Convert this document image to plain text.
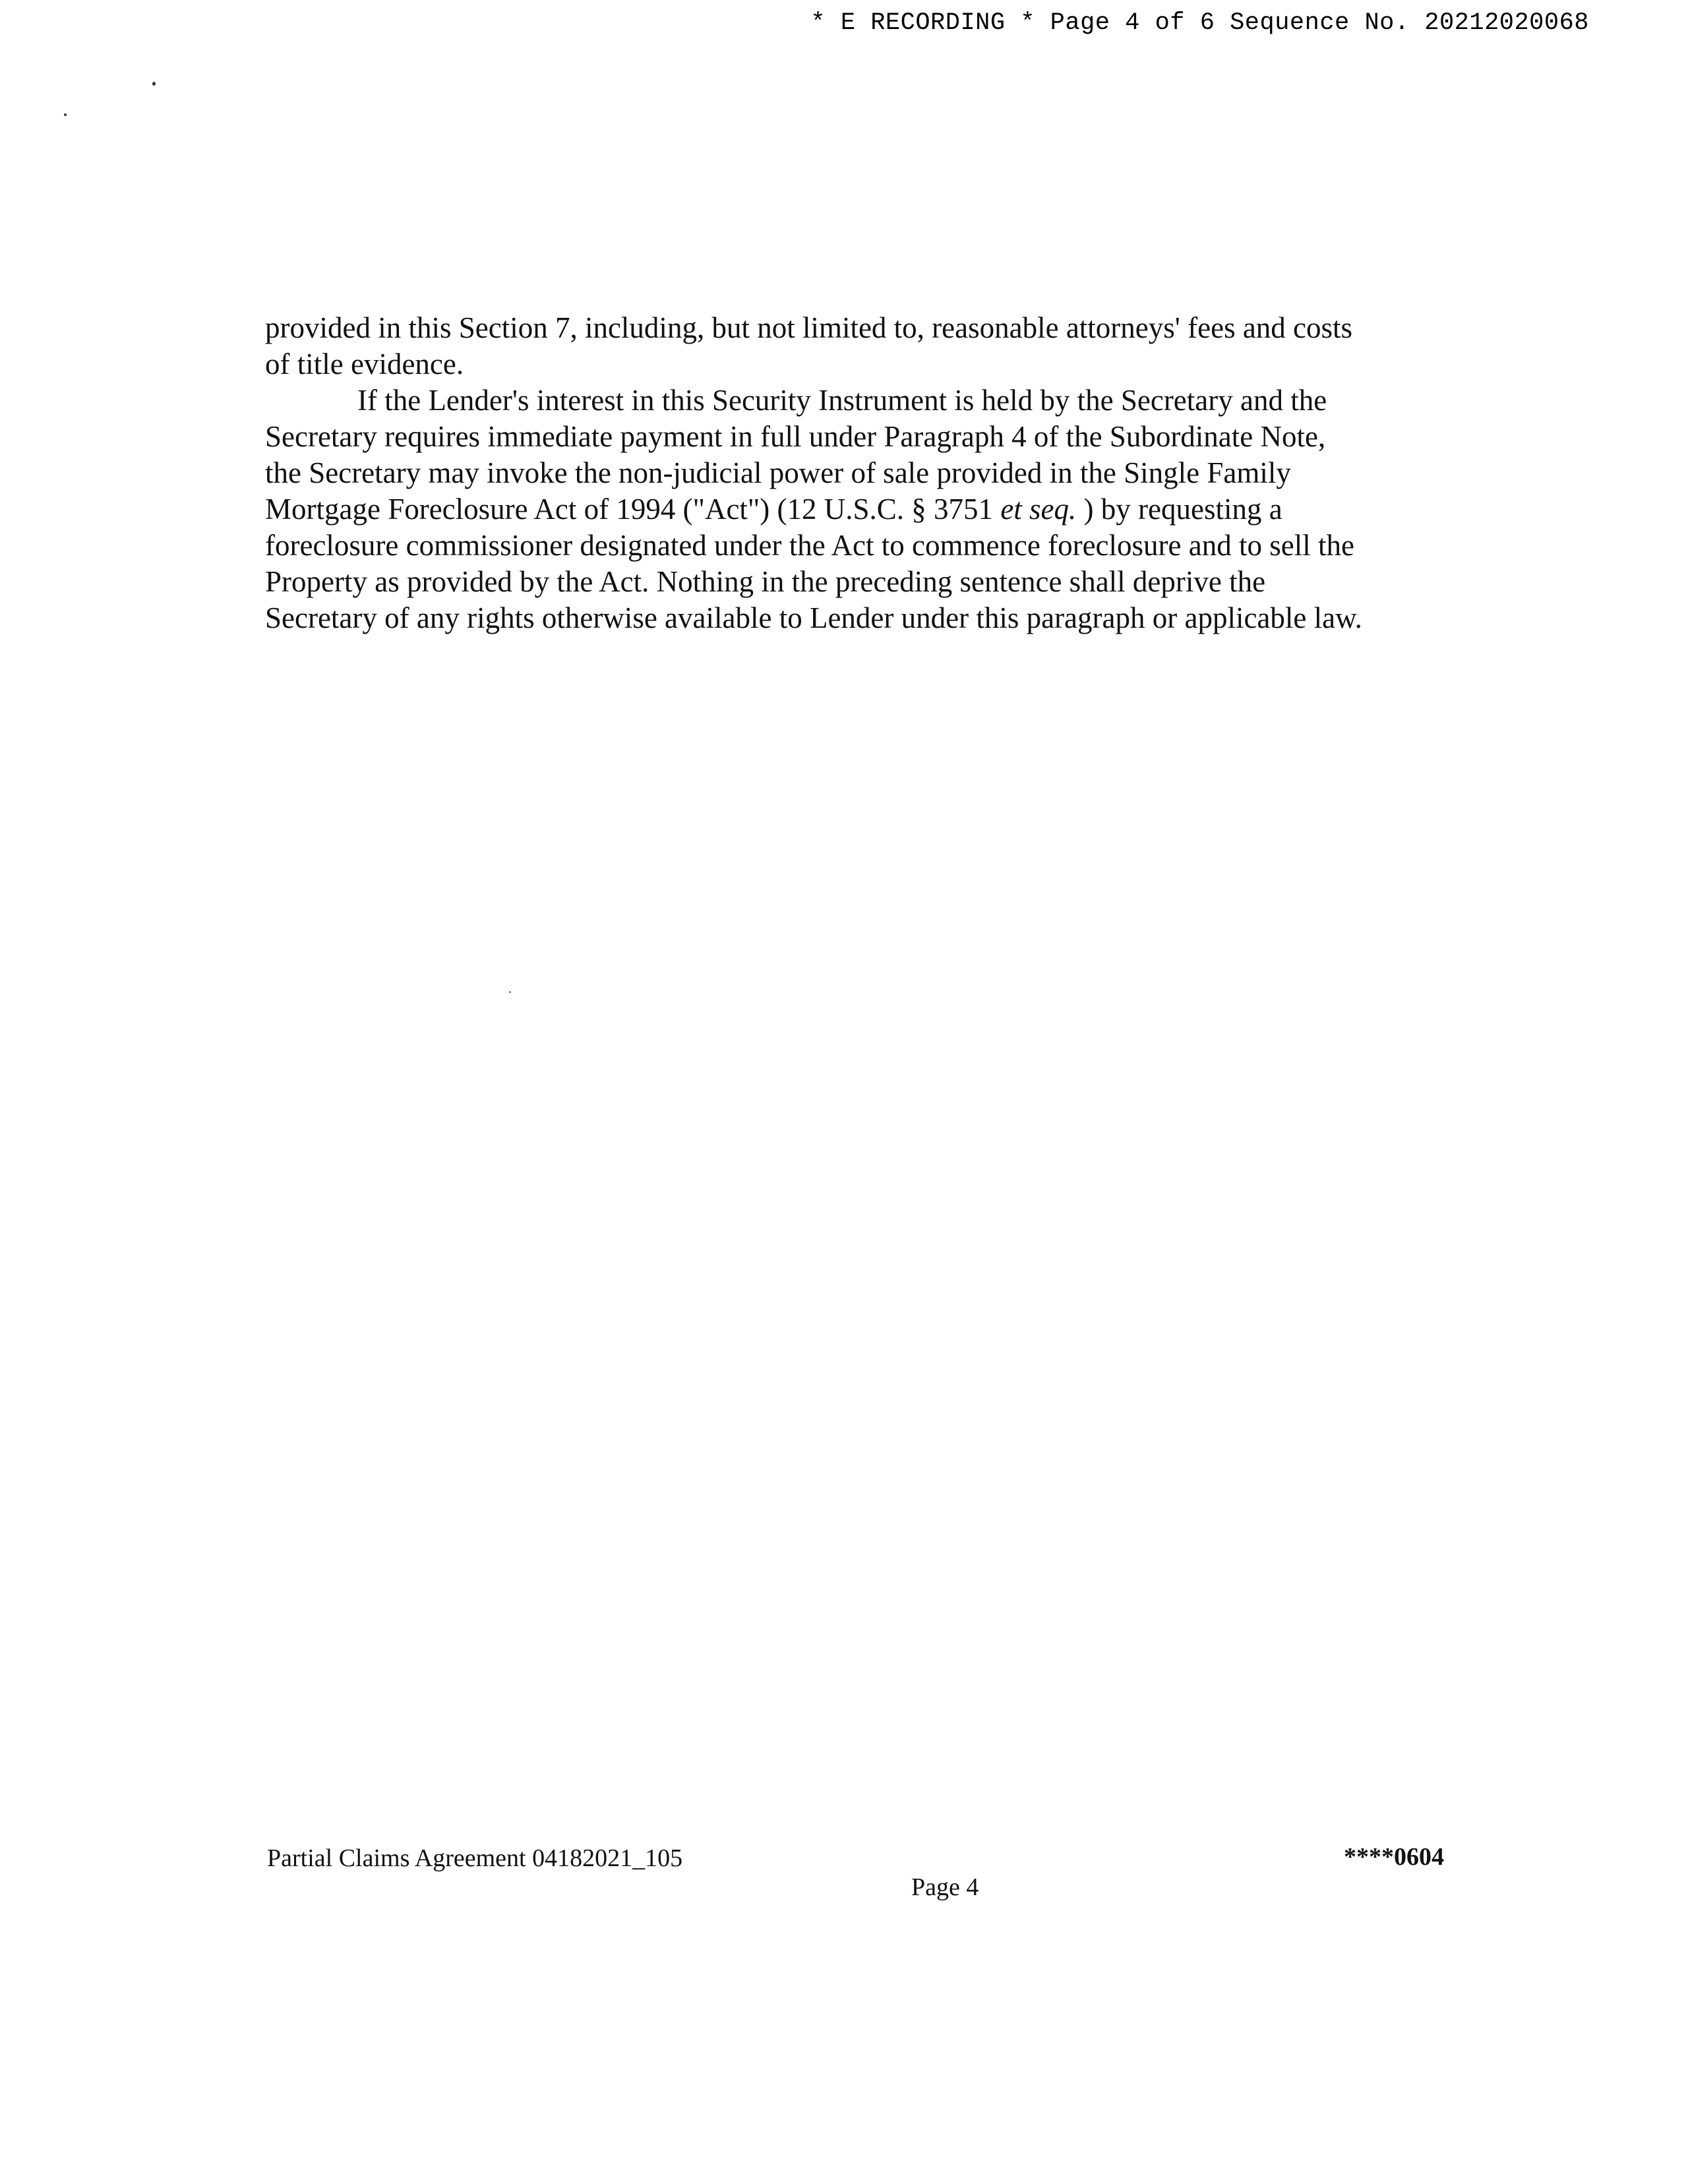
* E RECORDING * Page 4 of 6 Sequence No. 20212020068

provided in this Section 7, including, but not limited to, reasonable attorneys' fees and costs
of title evidence.

If the Lender's interest in this Security Instrument is held by the Secretary and the
Secretary requires immediate payment in full under Paragraph 4 of the Subordinate Note,
the Secretary may invoke the non-judicial power of sale provided in the Single Family
Mortgage Foreclosure Act of 1994 ("Act") (12 U.S.C. § 3751 et seq. ) by requesting a
foreclosure commissioner designated under the Act to commence foreclosure and to sell the
Property as provided by the Act. Nothing in the preceding sentence shall deprive the
Secretary of any rights otherwise available to Lender under this paragraph or applicable law.

Partial Claims Agreement 04182021_105	****0604
Page 4
